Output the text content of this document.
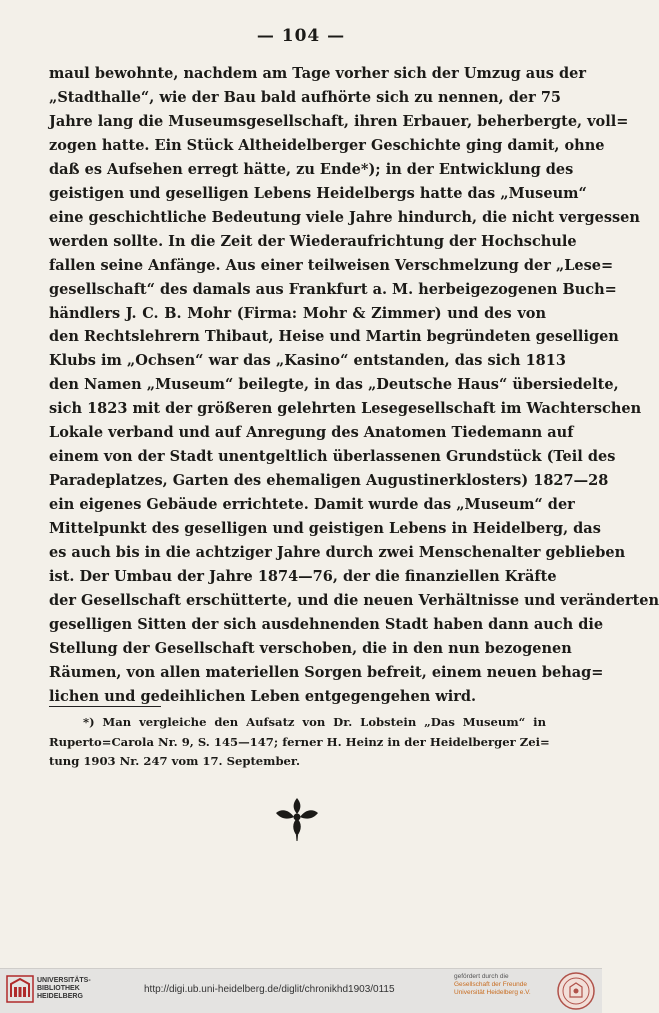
— 104 —
maul bewohnte, nachdem am Tage vorher sich der Umzug aus der
„Stadthalle“, wie der Bau bald aufhörte sich zu nennen, der 75
Jahre lang die Museumsgesellschaft, ihren Erbauer, beherbergte, voll=
zogen hatte. Ein Stück Altheidelberger Geschichte ging damit, ohne
daß es Aufsehen erregt hätte, zu Ende*); in der Entwicklung des
geistigen und geselligen Lebens Heidelbergs hatte das „Museum“
eine geschichtliche Bedeutung viele Jahre hindurch, die nicht vergessen
werden sollte. In die Zeit der Wiederaufrichtung der Hochschule
fallen seine Anfänge. Aus einer teilweisen Verschmelzung der „Lese=
gesellschaft“ des damals aus Frankfurt a. M. herbeigezogenen Buch=
händlers J. C. B. Mohr (Firma: Mohr & Zimmer) und des von
den Rechtslehrern Thibaut, Heise und Martin begründeten geselligen
Klubs im „Ochsen“ war das „Kasino“ entstanden, das sich 1813
den Namen „Museum“ beilegte, in das „Deutsche Haus“ übersiedelte,
sich 1823 mit der größeren gelehrten Lesegesellschaft im Wachterschen
Lokale verband und auf Anregung des Anatomen Tiedemann auf
einem von der Stadt unentgeltlich überlassenen Grundstück (Teil des
Paradeplatzes, Garten des ehemaligen Augustinerklosters) 1827—28
ein eigenes Gebäude errichtete. Damit wurde das „Museum“ der
Mittelpunkt des geselligen und geistigen Lebens in Heidelberg, das
es auch bis in die achtziger Jahre durch zwei Menschenalter geblieben
ist. Der Umbau der Jahre 1874—76, der die finanziellen Kräfte
der Gesellschaft erschütterte, und die neuen Verhältnisse und veränderten
geselligen Sitten der sich ausdehnenden Stadt haben dann auch die
Stellung der Gesellschaft verschoben, die in den nun bezogenen
Räumen, von allen materiellen Sorgen befreit, einem neuen behag=
lichen und gedeihlichen Leben entgegengehen wird.
*) Man vergleiche den Aufsatz von Dr. Lobstein „Das Museum“ in
Ruperto=Carola Nr. 9, S. 145—147; ferner H. Heinz in der Heidelberger Zei=
tung 1903 Nr. 247 vom 17. September.
UNIVERSITÄTS-
BIBLIOTHEK
HEIDELBERG
http://digi.ub.uni-heidelberg.de/diglit/chronikhd1903/0115
gefördert durch die
Gesellschaft der Freunde
Universität Heidelberg e.V.
